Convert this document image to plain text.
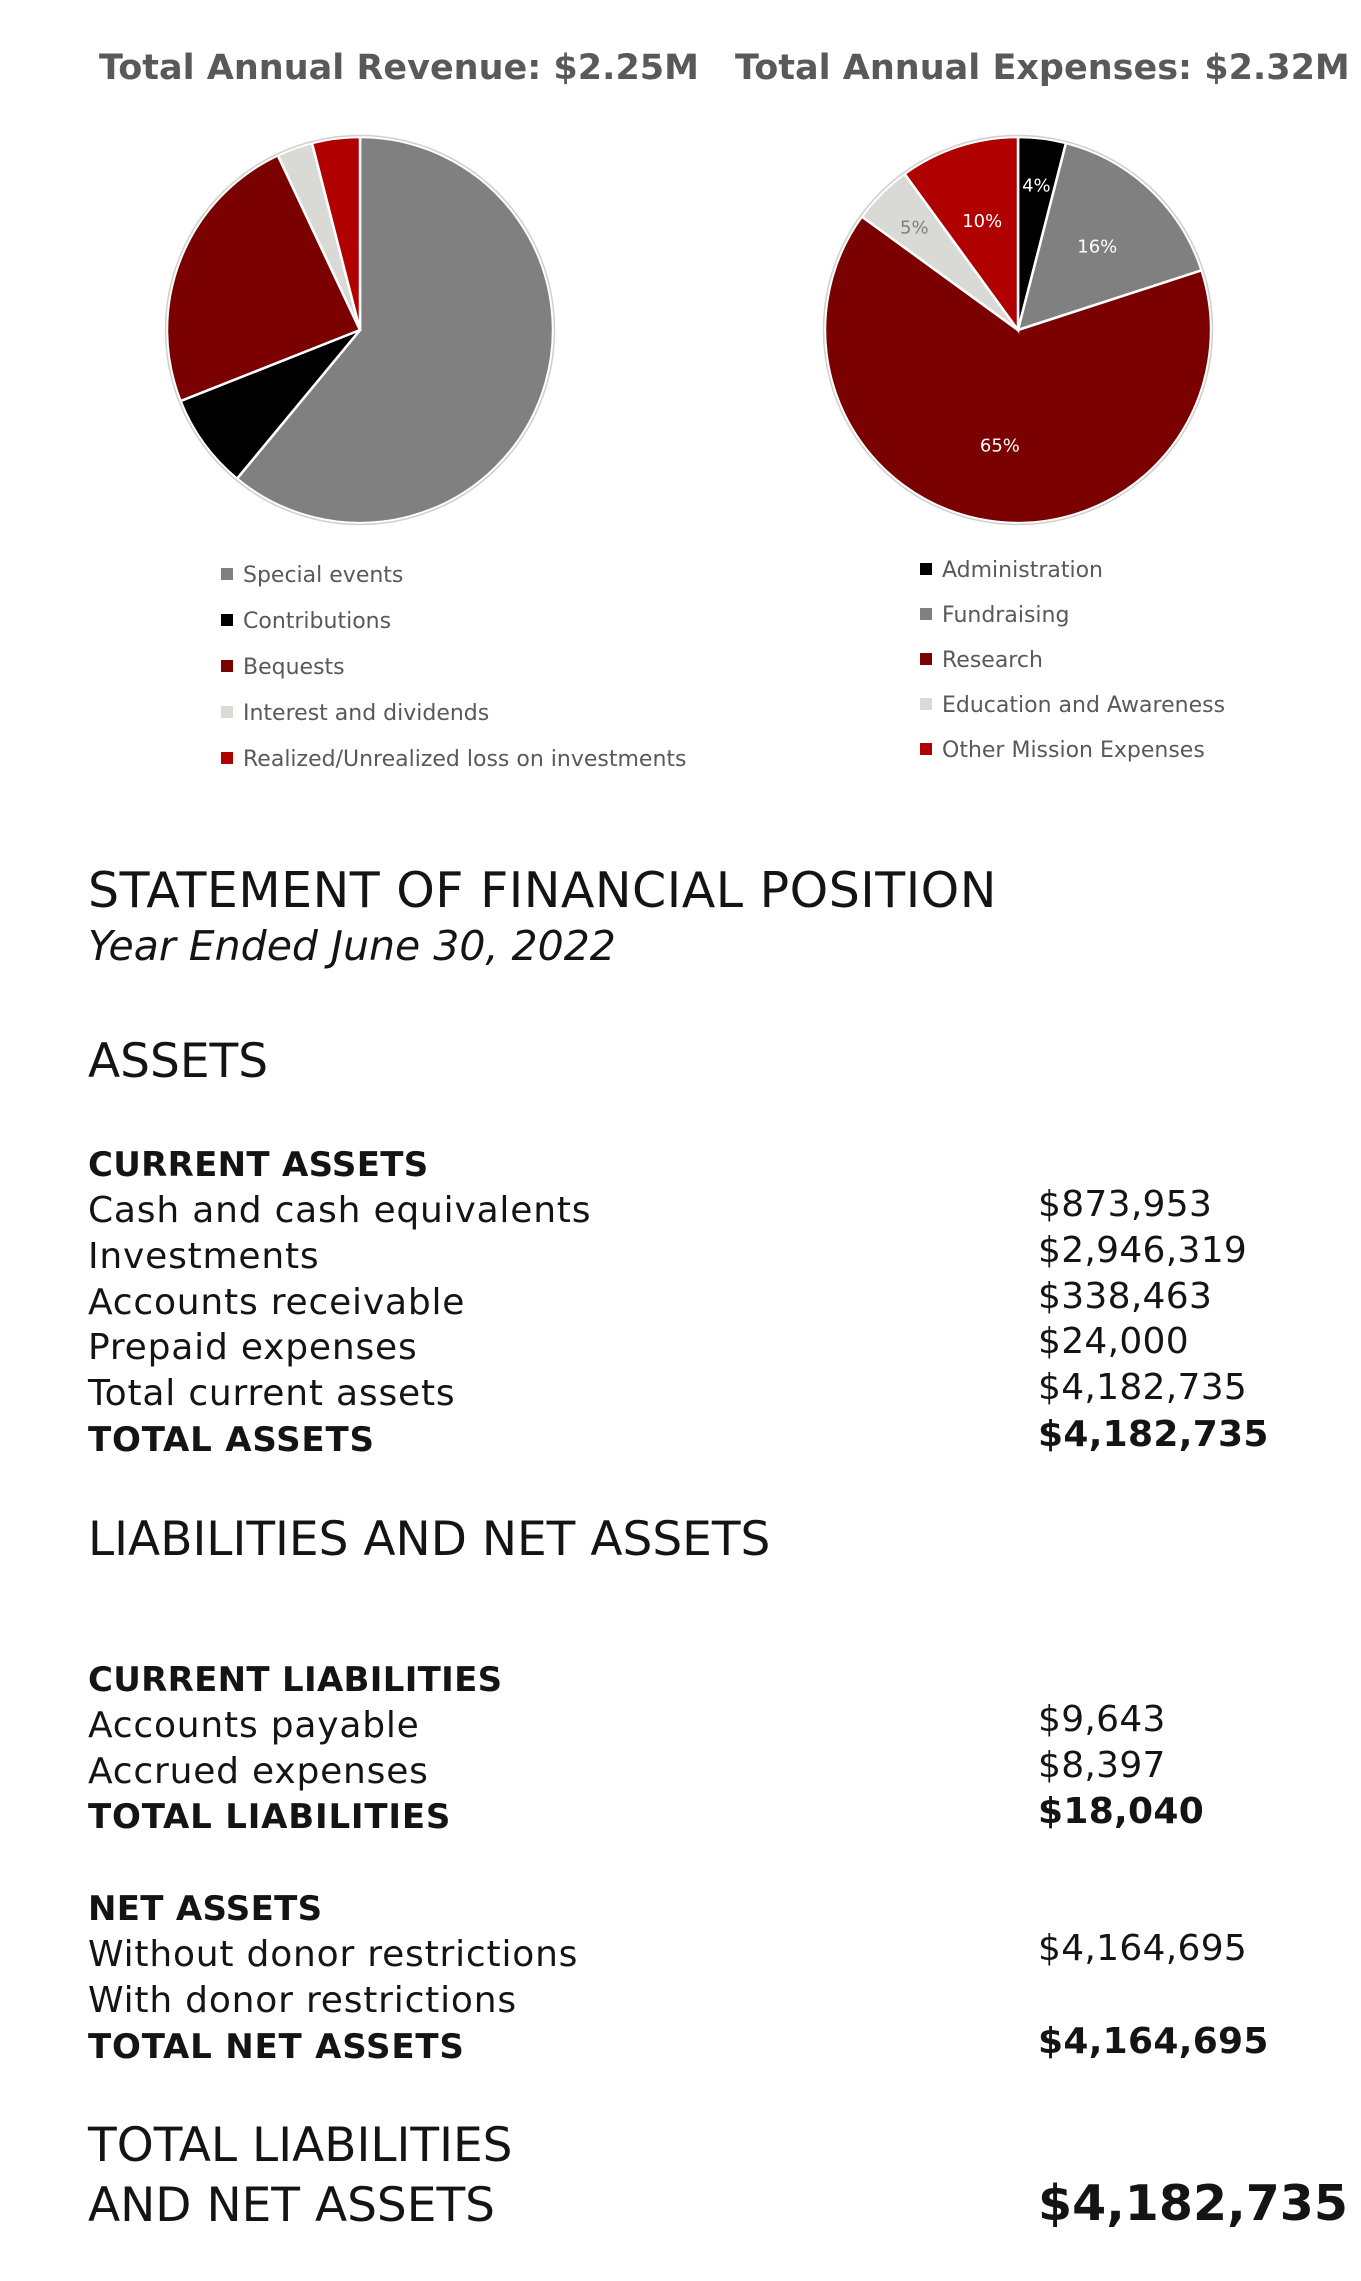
Total Annual Revenue: $2.25M
Special events
Contributions
Bequests
Interest and dividends
Realized/Unrealized loss on investments
Total Annual Expenses: $2.32M
4%
16%
65%
5% 10%
Administration
Fundraising
Research
Education and Awareness
Other Mission Expenses
STATEMENT OF FINANCIAL POSITION
Year Ended June 30, 2022
ASSETS
CURRENT ASSETS
Cash and cash equivalents	$873,953
Investments	$2,946,319
Accounts receivable	$338,463
Prepaid expenses	$24,000
Total current assets	$4,182,735
TOTAL ASSETS	$4,182,735
LIABILITIES AND NET ASSETS
CURRENT LIABILITIES
Accounts payable	$9,643
Accrued expenses	$8,397
TOTAL LIABILITIES	$18,040
NET ASSETS
Without donor restrictions	$4,164,695
With donor restrictions
TOTAL NET ASSETS	$4,164,695
TOTAL LIABILITIES
AND NET ASSETS	$4,182,735
